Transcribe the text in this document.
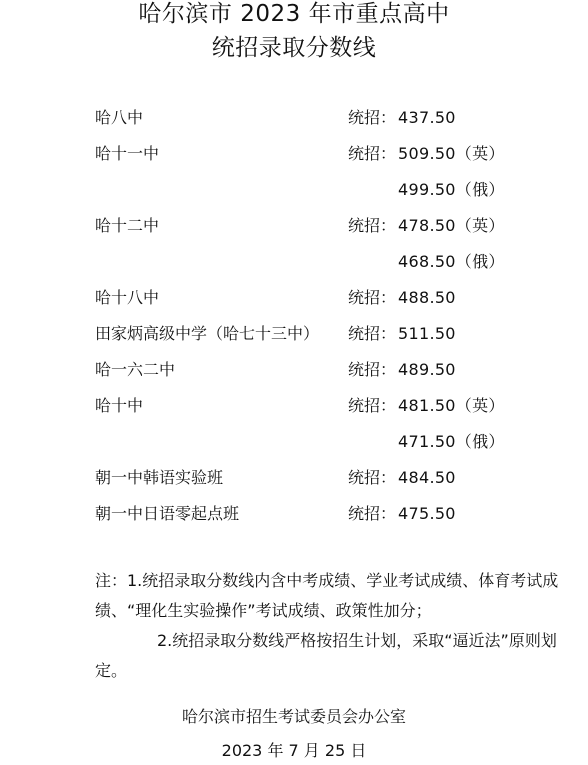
哈尔滨市 2023 年市重点高中
统招录取分数线
哈八中	统招： 437.50
哈十一中	统招： 509.50（英）
499.50（俄）
哈十二中	统招： 478.50（英）
468.50（俄）
哈十八中	统招： 488.50
田家炳高级中学（哈七十三中） 统招： 511.50
哈一六二中	统招： 489.50
哈十中	统招： 481.50（英）
471.50（俄）
朝一中韩语实验班	统招： 484.50
朝一中日语零起点班	统招： 475.50

注：1.统招录取分数线内含中考成绩、学业考试成绩、体育考试成绩、“理化生实验操作”考试成绩、政策性加分；

2.统招录取分数线严格按招生计划，采取“逼近法”原则划定。

哈尔滨市招生考试委员会办公室
2023 年 7 月 25 日
